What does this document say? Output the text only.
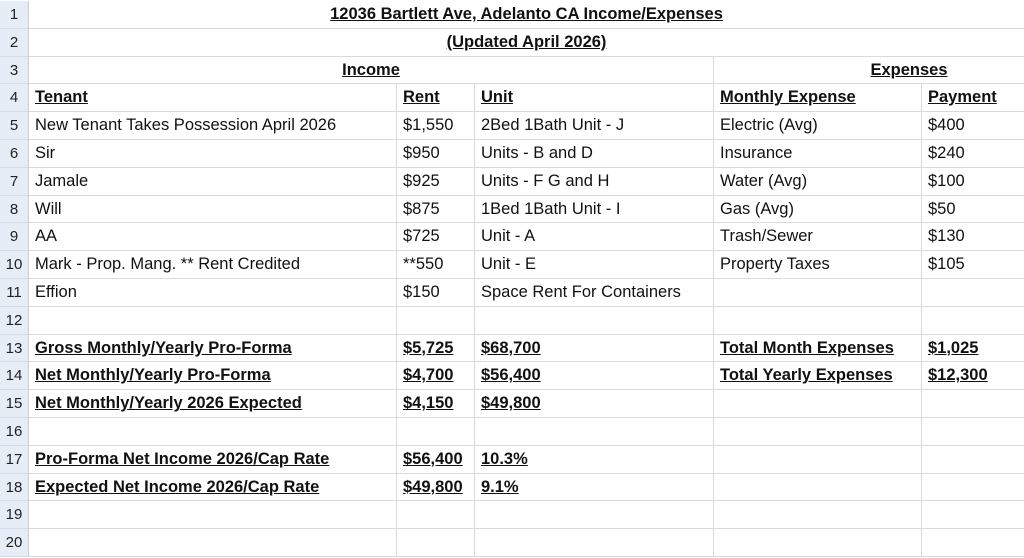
1
2
3
4	Tenant	Rent	Unit	Monthly Expense	Payment
5	New Tenant Takes Possession April 2026	$1,550	2Bed 1Bath Unit - J	Electric (Avg)	$400
6	Sir	$950	Units - B and D	Insurance	$240
7	Jamale	$925	Units - F G and H	Water (Avg)	$100
8	Will	$875	1Bed 1Bath Unit - I	Gas (Avg)	$50
9	AA	$725	Unit - A	Trash/Sewer	$130
10 Mark - Prop. Mang. ** Rent Credited	**550	Unit - E	Property Taxes	$105
11 Effion	$150	Space Rent For Containers
12
13 Gross Monthly/Yearly Pro-Forma	$5,725	$68,700	Total Month Expenses	$1,025
14 Net Monthly/Yearly Pro-Forma	$4,700	$56,400	Total Yearly Expenses	$12,300
15 Net Monthly/Yearly 2026 Expected	$4,150	$49,800
16
17 Pro-Forma Net Income 2026/Cap Rate	$56,400	10.3%
18 Expected Net Income 2026/Cap Rate	$49,800	9.1%
19
20
12036 Bartlett Ave, Adelanto CA Income/Expenses
(Updated April 2026)
Income	Expenses
